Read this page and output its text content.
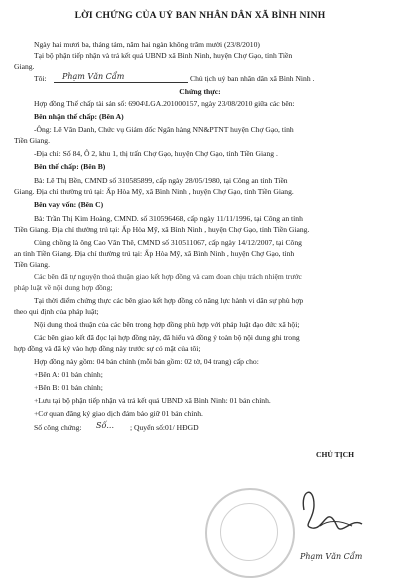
LỜI CHỨNG CỦA UỶ BAN NHÂN DÂN XÃ BÌNH NINH
Ngày hai mươi ba, tháng tám, năm hai ngàn không trăm mười (23/8/2010)
Tại bộ phận tiếp nhận và trả kết quả UBND xã Bình Ninh, huyện Chợ Gạo, tỉnh Tiền
Giang.
Tôi: Phạm Văn Cẩm	Chủ tịch uỷ ban nhân dân xã Bình Ninh .
Chứng thực:
Hợp đồng Thế chấp tài sản số: 6904\LGA.201000157, ngày 23/08/2010 giữa các bên:
Bên nhận thế chấp: (Bên A)
-Ông: Lê Văn Danh, Chức vụ Giám đốc Ngân hàng NN&PTNT huyện Chợ Gạo, tỉnh
Tiền Giang.
-Địa chỉ: Số 84, Ô 2, khu 1, thị trấn Chợ Gạo, huyện Chợ Gạo, tỉnh Tiền Giang .
Bên thế chấp: (Bên B)
Bà: Lê Thị Bền, CMND số 310585899, cấp ngày 28/05/1980, tại Công an tỉnh Tiền
Giang. Địa chỉ thường trú tại: Ấp Hòa Mỹ, xã Bình Ninh , huyện Chợ Gạo, tỉnh Tiền Giang.
Bên vay vốn: (Bên C)
Bà: Trần Thị Kim Hoàng, CMND. số 310596468, cấp ngày 11/11/1996, tại Công an tỉnh
Tiền Giang. Địa chỉ thường trú tại: Ấp Hòa Mỹ, xã Bình Ninh , huyện Chợ Gạo, tỉnh Tiền Giang.
Cùng chồng là ông Cao Văn Thê, CMND số 310511067, cấp ngày 14/12/2007, tại Công
an tỉnh Tiền Giang. Địa chỉ thường trú tại: Ấp Hòa Mỹ, xã Bình Ninh , huyện Chợ Gạo, tỉnh
Tiền Giang.
Các bên đã tự nguyện thoả thuận giao kết hợp đồng và cam đoan chịu trách nhiệm trước
pháp luật về nội dung hợp đồng;
Tại thời điểm chứng thực các bên giao kết hợp đồng có năng lực hành vi dân sự phù hợp
theo qui định của pháp luật;
Nội dung thoả thuận của các bên trong hợp đồng phù hợp với pháp luật đạo đức xã hội;
Các bên giao kết đã đọc lại hợp đồng này, đã hiểu và đồng ý toàn bộ nội dung ghi trong
hợp đồng và đã ký vào hợp đồng này trước sự có mặt của tôi;
Hợp đồng này gồm: 04 bản chính (mỗi bản gồm: 02 tờ, 04 trang) cấp cho:
+Bên A: 01 bản chính;
+Bên B: 01 bản chính;
+Lưu tại bộ phận tiếp nhận và trả kết quả UBND xã Bình Ninh: 01 bản chính.
+Cơ quan đăng ký giao dịch đảm bảo giữ 01 bản chính.
Số công chứng: Số... ; Quyển số:01/ HĐGD
CHỦ TỊCH
Phạm Văn Cẩm
